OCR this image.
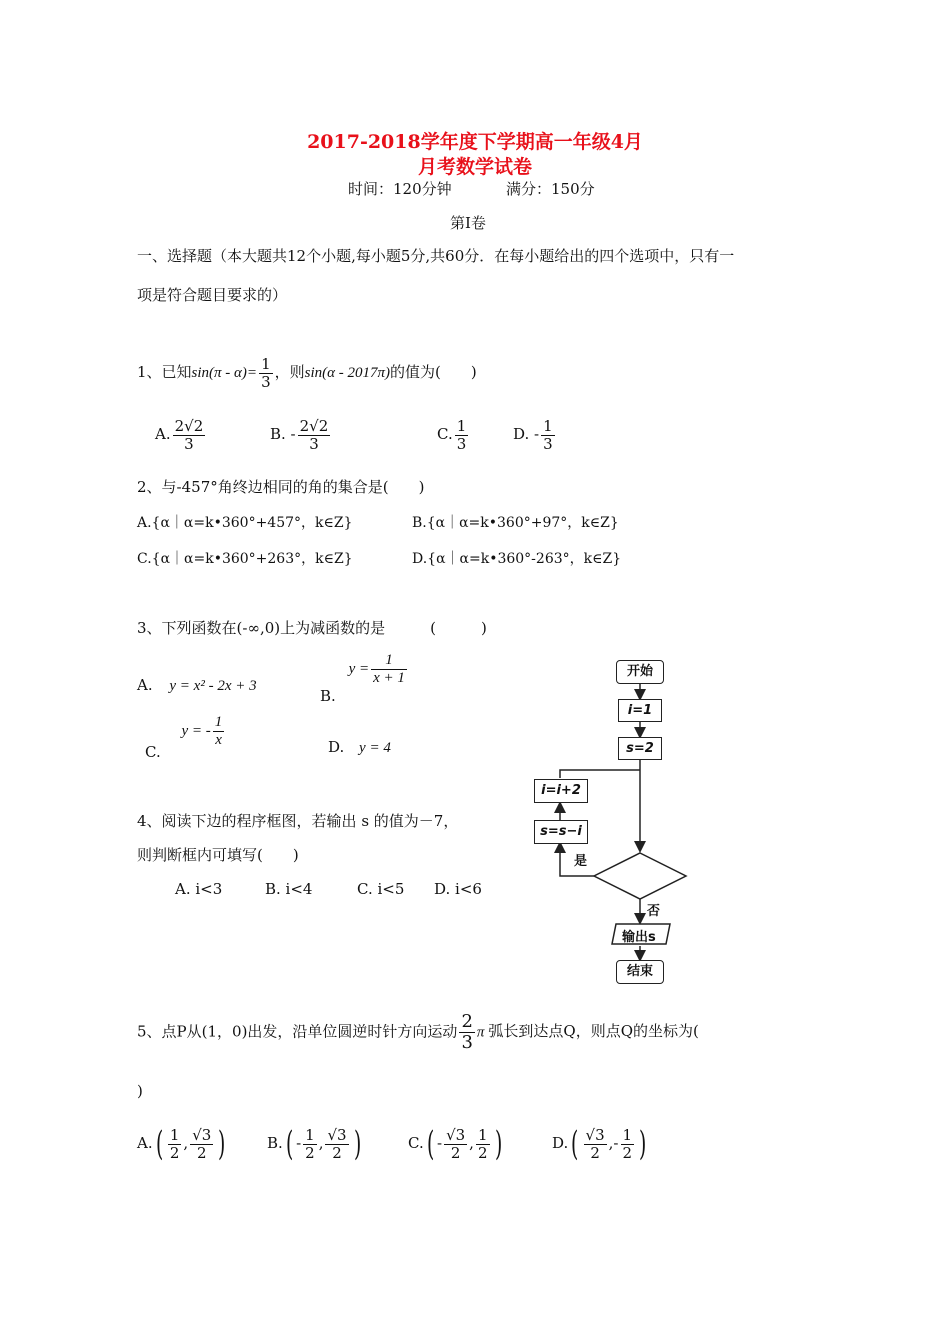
2017-2018学年度下学期高一年级4月
月考数学试卷
时间：120分钟	满分：150分
第Ⅰ卷
一、选择题（本大题共12个小题,每小题5分,共60分．在每小题给出的四个选项中，只有一
项是符合题目要求的）
1、已知$\sin(\pi - \alpha)= \frac{1}{3}$ ，则sin(α - 2017π)的值为(　　)
A. $\frac{2√2}{3}$	B. - $\frac{2√2}{3}$	C. $\frac{1}{3}$	D. - $\frac{1}{3}$
2、与-457°角终边相同的角的集合是(　　)
A.{α｜α=k•360°+457°，k∈Z}	B.{α｜α=k•360°+97°，k∈Z}
C.{α｜α=k•360°+263°，k∈Z}	D.{α｜α=k•360°-263°，k∈Z}
3、下列函数在(-∞,0)上为减函数的是　　　(　　　)
A. y = x² - 2x + 3
B. $y = \frac{1}{x + 1}$
C. y = - $\frac{1}{x}$	D. y = 4
4、阅读下边的程序框图，若输出 s 的值为－7，
则判断框内可填写(　　)
A. i<3	B. i<4	C. i<5 D. i<6
开始
i=1
s=2
i=i+2
s=s−i
是
否
输出s
结束
5、点P从(1，0)出发，沿单位圆逆时针方向运动 $\frac{2}{3}$ π 弧长到达点Q，则点Q的坐标为(
)
$A.( \frac{1}{2}$ , $\frac{√3}{2}$ )	$B.( - \frac{1}{2}$ , $\frac{√3}{2}$ )	$C.( - \frac{√3}{2}$ , $\frac{1}{2}$ )	$D.( \frac{√3}{2}$ ,- $\frac{1}{2}$ )
